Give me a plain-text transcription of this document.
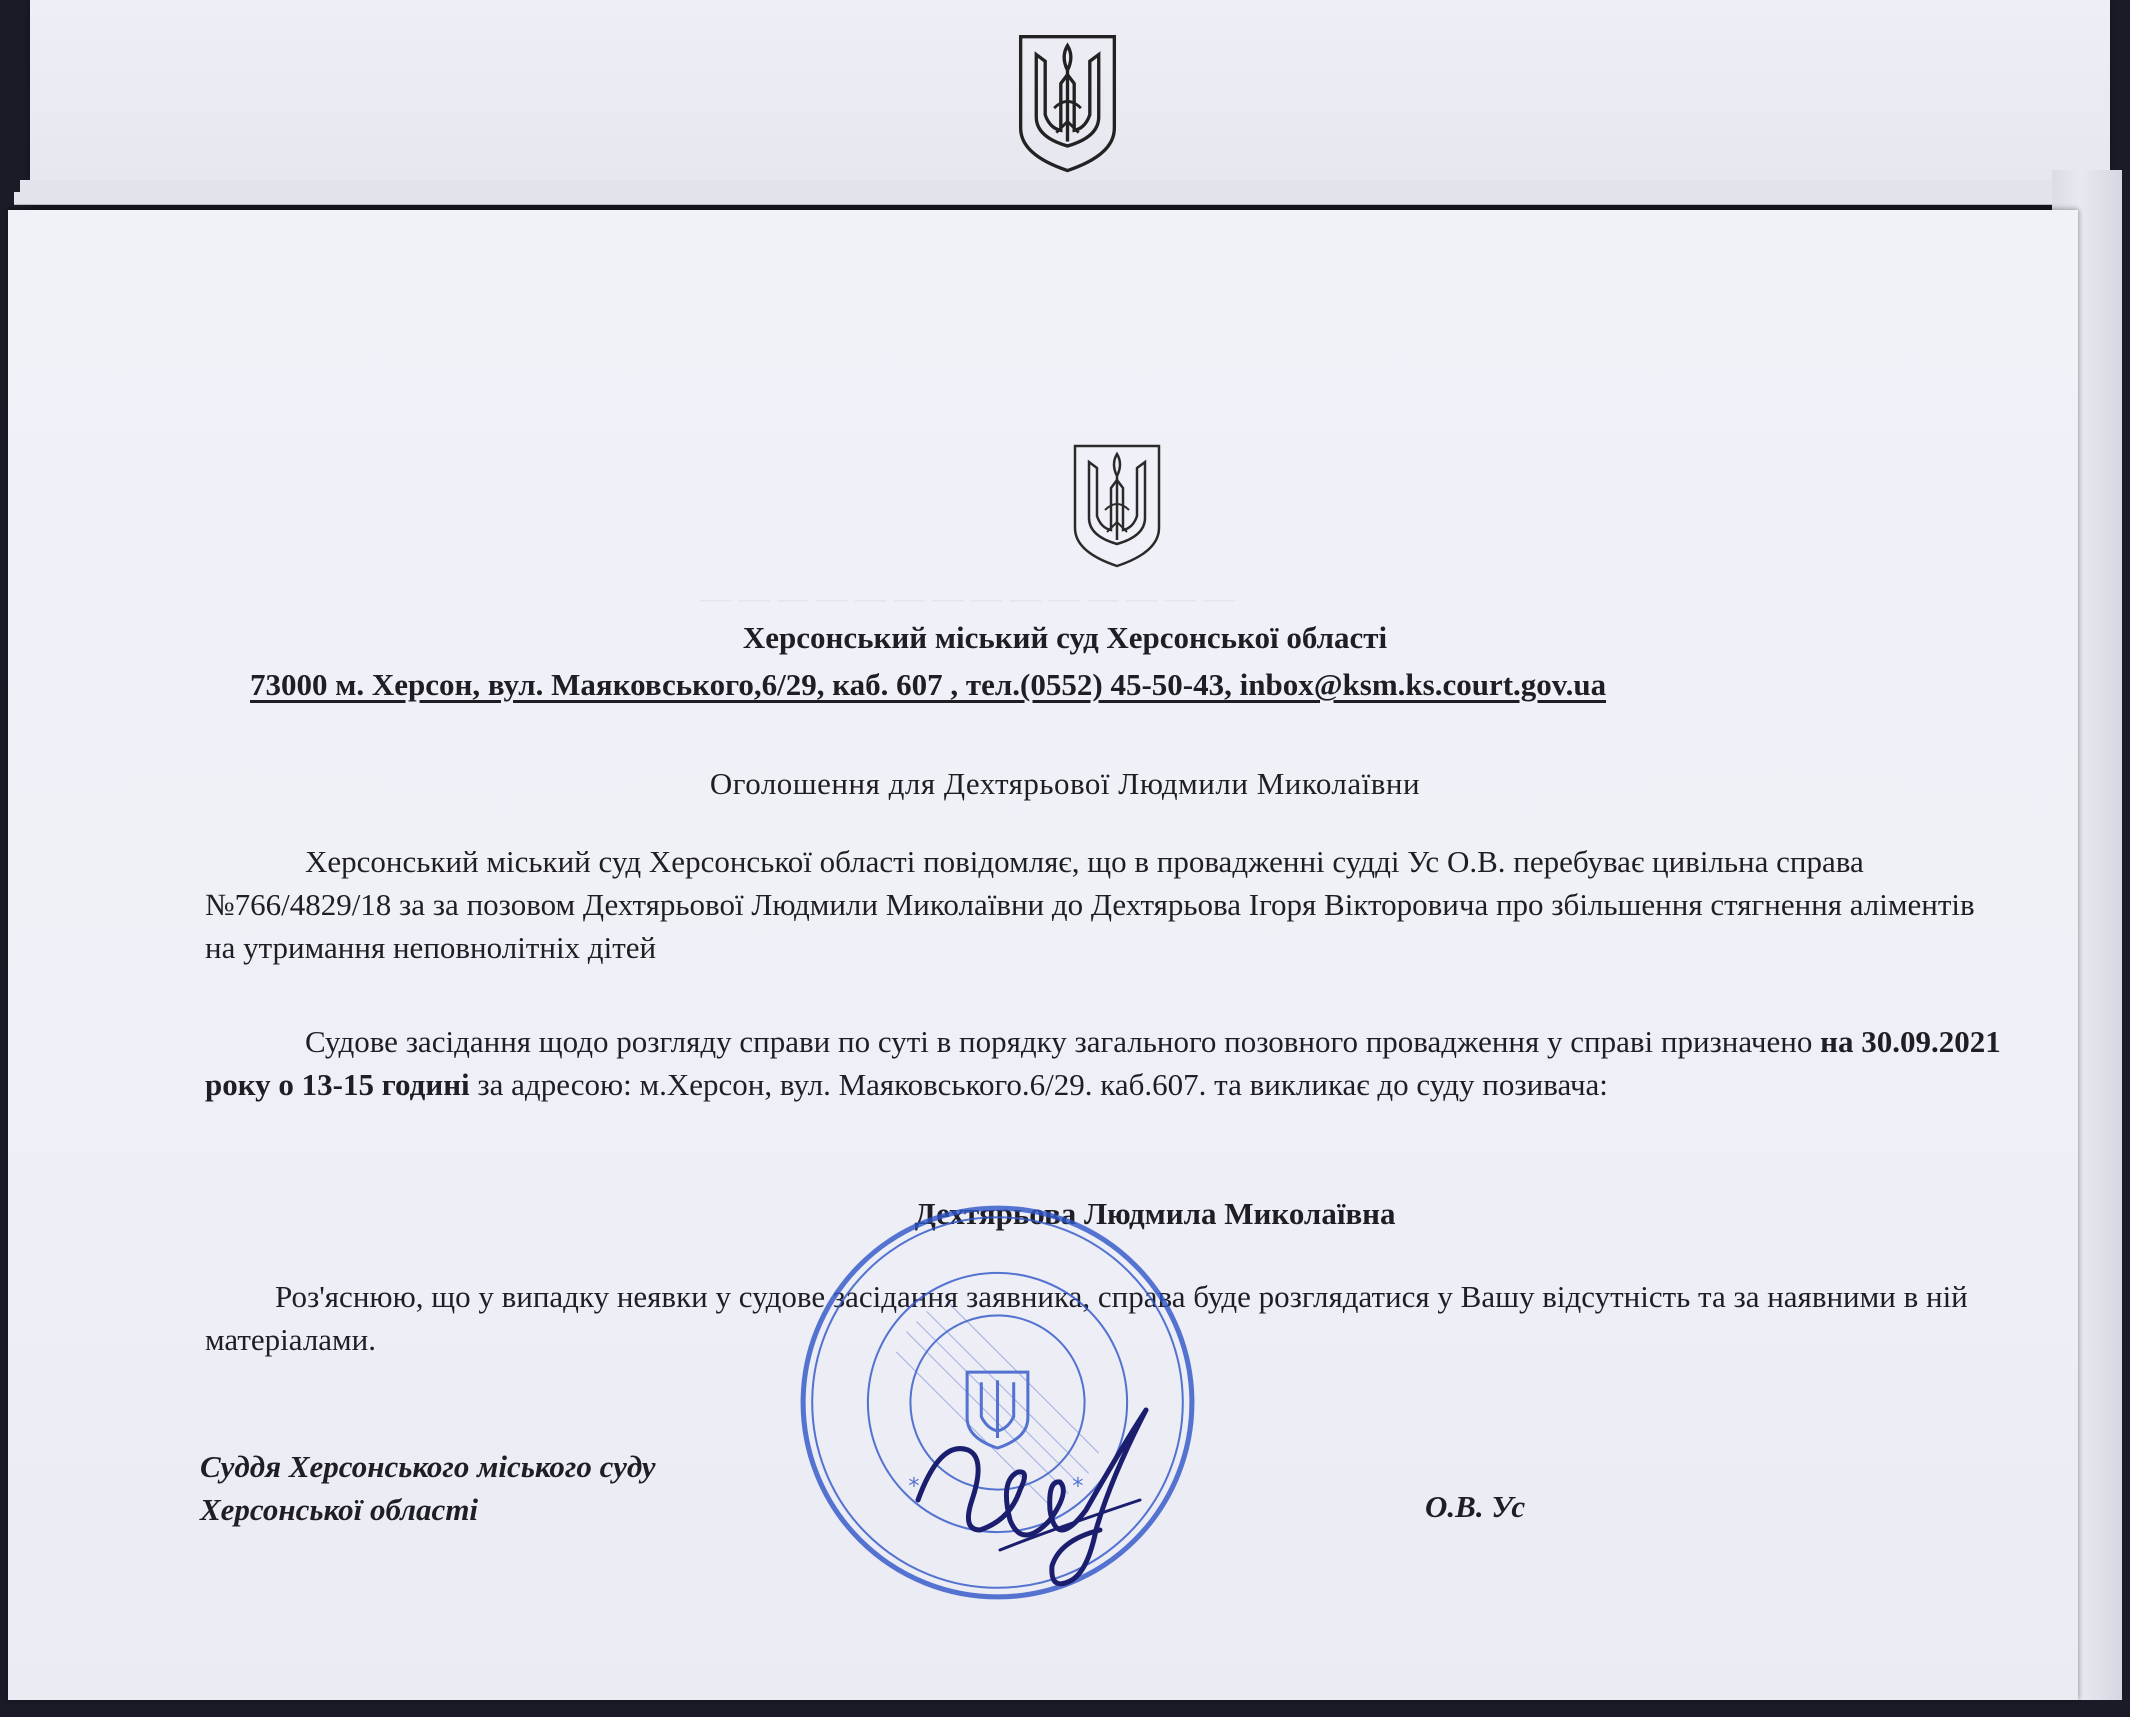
— — — — — — — — — — — — — —
Херсонський міський суд Херсонської області
73000 м. Херсон, вул. Маяковського,6/29, каб. 607 , тел.(0552) 45-50-43, inbox@ksm.ks.court.gov.ua
Оголошення для Дехтярьової Людмили Миколаївни
Херсонський міський суд Херсонської області повідомляє, що в провадженні судді Ус О.В. перебуває цивільна справа №766/4829/18 за за позовом Дехтярьової Людмили Миколаївни до Дехтярьова Ігоря Вікторовича про збільшення стягнення аліментів на утримання неповнолітніх дітей
Судове засідання щодо розгляду справи по суті в порядку загального позовного провадження у справі призначено на 30.09.2021 року о 13-15 годині за адресою: м.Херсон, вул. Маяковського.6/29. каб.607. та викликає до суду позивача:
Дехтярьова Людмила Миколаївна
Роз'яснюю, що у випадку неявки у судове засідання заявника, справа буде розглядатися у Вашу відсутність та за наявними в ній матеріалами.
Суддя Херсонського міського суду
Херсонської області	О.В. Ус
*	*
